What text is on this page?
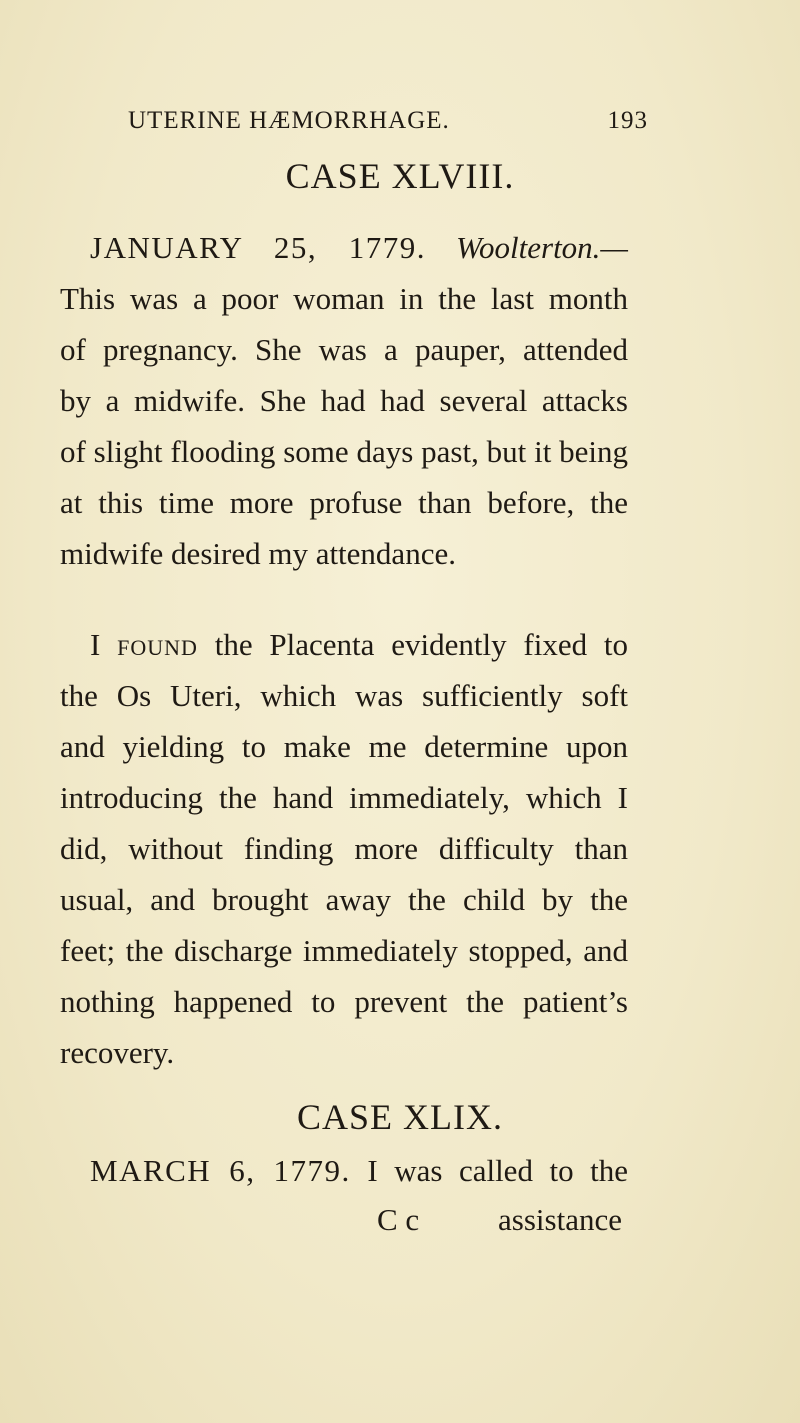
UTERINE HÆMORRHAGE.	193
CASE XLVIII.
JANUARY 25, 1779. Woolterton.—
This was a poor woman in the last month
of pregnancy. She was a pauper, attended
by a midwife. She had had several attacks
of slight flooding some days past, but it being
at this time more profuse than before, the
midwife desired my attendance.
I found the Placenta evidently fixed to
the Os Uteri, which was sufficiently soft
and yielding to make me determine upon
introducing the hand immediately, which I
did, without finding more difficulty than
usual, and brought away the child by the
feet; the discharge immediately stopped, and
nothing happened to prevent the patient’s
recovery.
CASE XLIX.
MARCH 6, 1779. I was called to the
C c	assistance
